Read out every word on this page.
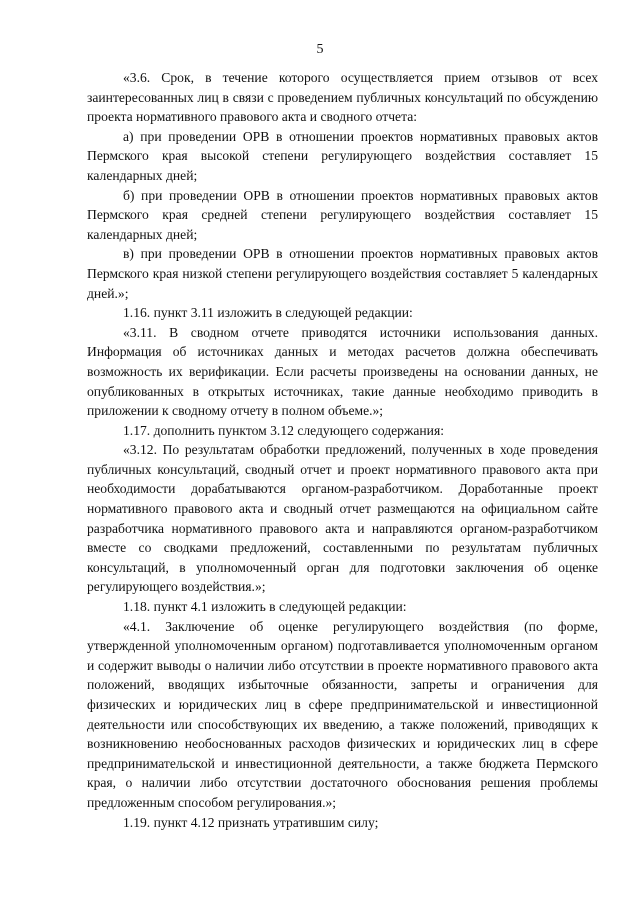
5

«3.6. Срок, в течение которого осуществляется прием отзывов от всех заинтересованных лиц в связи с проведением публичных консультаций по обсуждению проекта нормативного правового акта и сводного отчета:

а) при проведении ОРВ в отношении проектов нормативных правовых актов Пермского края высокой степени регулирующего воздействия составляет 15 календарных дней;

б) при проведении ОРВ в отношении проектов нормативных правовых актов Пермского края средней степени регулирующего воздействия составляет 15 календарных дней;

в) при проведении ОРВ в отношении проектов нормативных правовых актов Пермского края низкой степени регулирующего воздействия составляет 5 календарных дней.»;

1.16. пункт 3.11 изложить в следующей редакции:

«3.11. В сводном отчете приводятся источники использования данных. Информация об источниках данных и методах расчетов должна обеспечивать возможность их верификации. Если расчеты произведены на основании данных, не опубликованных в открытых источниках, такие данные необходимо приводить в приложении к сводному отчету в полном объеме.»;

1.17. дополнить пунктом 3.12 следующего содержания:

«3.12. По результатам обработки предложений, полученных в ходе проведения публичных консультаций, сводный отчет и проект нормативного правового акта при необходимости дорабатываются органом-разработчиком. Доработанные проект нормативного правового акта и сводный отчет размещаются на официальном сайте разработчика нормативного правового акта и направляются органом-разработчиком вместе со сводками предложений, составленными по результатам публичных консультаций, в уполномоченный орган для подготовки заключения об оценке регулирующего воздействия.»;

1.18. пункт 4.1 изложить в следующей редакции:

«4.1. Заключение об оценке регулирующего воздействия (по форме, утвержденной уполномоченным органом) подготавливается уполномоченным органом и содержит выводы о наличии либо отсутствии в проекте нормативного правового акта положений, вводящих избыточные обязанности, запреты и ограничения для физических и юридических лиц в сфере предпринимательской и инвестиционной деятельности или способствующих их введению, а также положений, приводящих к возникновению необоснованных расходов физических и юридических лиц в сфере предпринимательской и инвестиционной деятельности, а также бюджета Пермского края, о наличии либо отсутствии достаточного обоснования решения проблемы предложенным способом регулирования.»;

1.19. пункт 4.12 признать утратившим силу;
